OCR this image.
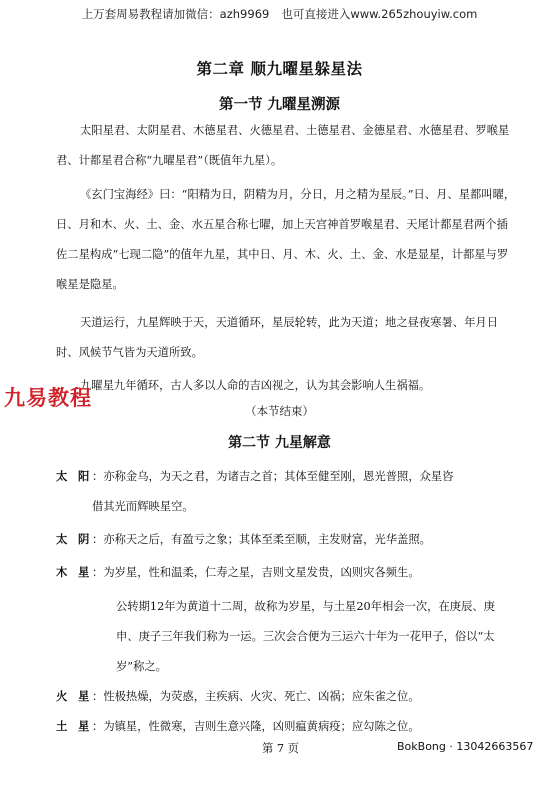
上万套周易教程请加微信：azh9969 也可直接进入www.265zhouyiw.com
第二章 顺九曜星躲星法
第一节 九曜星溯源

太阳星君、太阴星君、木德星君、火德星君、土德星君、金德星君、水德星君、罗喉星君、计都星君合称“九曜星君”（既值年九星）。

《玄门宝海经》曰：“阳精为日，阴精为月，分日，月之精为星辰。”日、月、星都叫曜，日、月和木、火、土、金、水五星合称七曜，加上天宫神首罗喉星君、天尾计都星君两个插佐二星构成“七现二隐”的值年九星，其中日、月、木、火、土、金、水是显星，计都星与罗喉星是隐星。

天道运行，九星辉映于天，天道循环，星辰轮转，此为天道；地之昼夜寒暑、年月日时、风候节气皆为天道所致。

九曜星九年循环，古人多以人命的吉凶视之，认为其会影响人生祸福。

九易教程
（本节结束）
第二节 九星解意
太 阳 ：亦称金乌，为天之君，为诸吉之首；其体至健至刚，恩光普照，众星咨
借其光而辉映星空。
太 阴 ：亦称天之后，有盈亏之象；其体至柔至顺，主发财富，光华盖照。
木 星 ：为岁星，性和温柔，仁寿之星，吉则文星发贵，凶则灾各频生。
公转期12年为黄道十二周，故称为岁星，与土星20年相会一次，在庚辰、庚
申、庚子三年我们称为一运。三次会合便为三运六十年为一花甲子，俗以“太
岁”称之。
火 星 ：性极热燥，为荧惑，主疾病、火灾、死亡、凶祸；应朱雀之位。
土 星 ：为镇星，性微寒，吉则生意兴隆，凶则瘟黄病疫；应勾陈之位。
第 7 页	BokBong · 13042663567
